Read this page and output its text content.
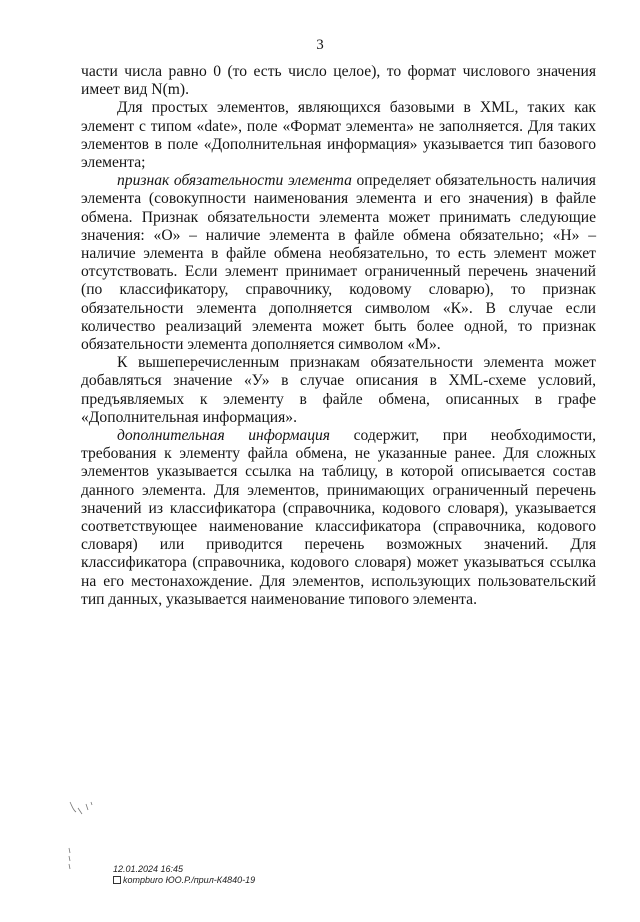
3

части числа равно 0 (то есть число целое), то формат числового значения имеет вид N(m).

Для простых элементов, являющихся базовыми в XML, таких как элемент с типом «date», поле «Формат элемента» не заполняется. Для таких элементов в поле «Дополнительная информация» указывается тип базового элемента;

признак обязательности элемента определяет обязательность наличия элемента (совокупности наименования элемента и его значения) в файле обмена. Признак обязательности элемента может принимать следующие значения: «О» – наличие элемента в файле обмена обязательно; «Н» – наличие элемента в файле обмена необязательно, то есть элемент может отсутствовать. Если элемент принимает ограниченный перечень значений (по классификатору, справочнику, кодовому словарю), то признак обязательности элемента дополняется символом «К». В случае если количество реализаций элемента может быть более одной, то признак обязательности элемента дополняется символом «М».

К вышеперечисленным признакам обязательности элемента может добавляться значение «У» в случае описания в XML-схеме условий, предъявляемых к элементу в файле обмена, описанных в графе «Дополнительная информация».

дополнительная информация содержит, при необходимости, требования к элементу файла обмена, не указанные ранее. Для сложных элементов указывается ссылка на таблицу, в которой описывается состав данного элемента. Для элементов, принимающих ограниченный перечень значений из классификатора (справочника, кодового словаря), указывается соответствующее наименование классификатора (справочника, кодового словаря) или приводится перечень возможных значений. Для классификатора (справочника, кодового словаря) может указываться ссылка на его местонахождение. Для элементов, использующих пользовательский тип данных, указывается наименование типового элемента.

12.01.2024 16:45
kompburo ЮО.Р./прил-К4840-19
